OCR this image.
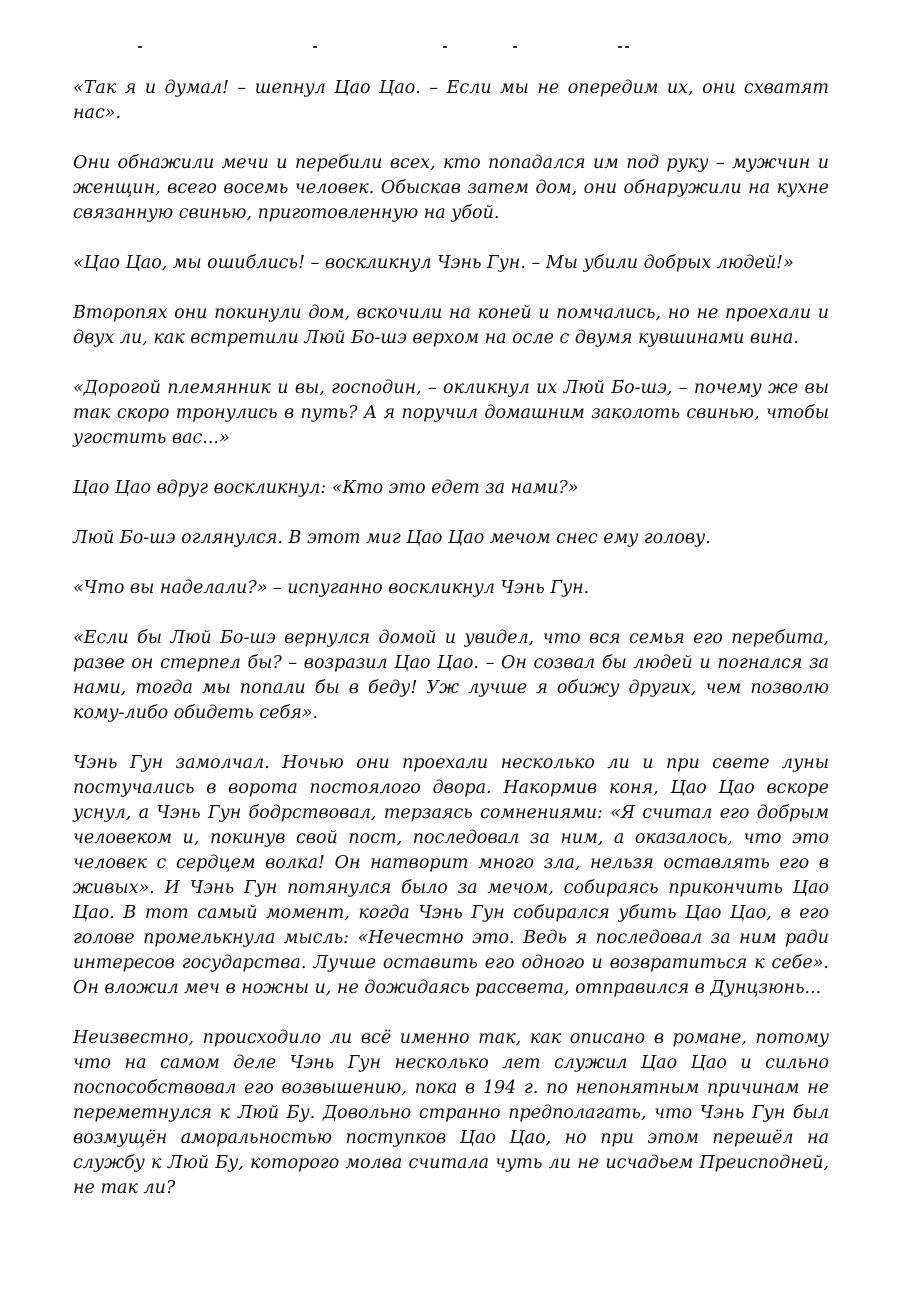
«Так я и думал! – шепнул Цао Цао. – Если мы не опередим их, они схватят нас».

Они обнажили мечи и перебили всех, кто попадался им под руку – мужчин и женщин, всего восемь человек. Обыскав затем дом, они обнаружили на кухне связанную свинью, приготовленную на убой.

«Цао Цао, мы ошиблись! – воскликнул Чэнь Гун. – Мы убили добрых людей!»

Второпях они покинули дом, вскочили на коней и помчались, но не проехали и двух ли, как встретили Люй Бо-шэ верхом на осле с двумя кувшинами вина.

«Дорогой племянник и вы, господин, – окликнул их Люй Бо-шэ, – почему же вы так скоро тронулись в путь? А я поручил домашним заколоть свинью, чтобы угостить вас...»

Цао Цао вдруг воскликнул: «Кто это едет за нами?»

Люй Бо-шэ оглянулся. В этот миг Цао Цао мечом снес ему голову.

«Что вы наделали?» – испуганно воскликнул Чэнь Гун.

«Если бы Люй Бо-шэ вернулся домой и увидел, что вся семья его перебита, разве он стерпел бы? – возразил Цао Цао. – Он созвал бы людей и погнался за нами, тогда мы попали бы в беду! Уж лучше я обижу других, чем позволю кому-либо обидеть себя».

Чэнь Гун замолчал. Ночью они проехали несколько ли и при свете луны постучались в ворота постоялого двора. Накормив коня, Цао Цао вскоре уснул, а Чэнь Гун бодрствовал, терзаясь сомнениями: «Я считал его добрым человеком и, покинув свой пост, последовал за ним, а оказалось, что это человек с сердцем волка! Он натворит много зла, нельзя оставлять его в живых». И Чэнь Гун потянулся было за мечом, собираясь прикончить Цао Цао. В тот самый момент, когда Чэнь Гун собирался убить Цао Цао, в его голове промелькнула мысль: «Нечестно это. Ведь я последовал за ним ради интересов государства. Лучше оставить его одного и возвратиться к себе». Он вложил меч в ножны и, не дожидаясь рассвета, отправился в Дунцзюнь...

Неизвестно, происходило ли всё именно так, как описано в романе, потому что на самом деле Чэнь Гун несколько лет служил Цао Цао и сильно поспособствовал его возвышению, пока в 194 г. по непонятным причинам не переметнулся к Люй Бу. Довольно странно предполагать, что Чэнь Гун был возмущён аморальностью поступков Цао Цао, но при этом перешёл на службу к Люй Бу, которого молва считала чуть ли не исчадьем Преисподней, не так ли?
